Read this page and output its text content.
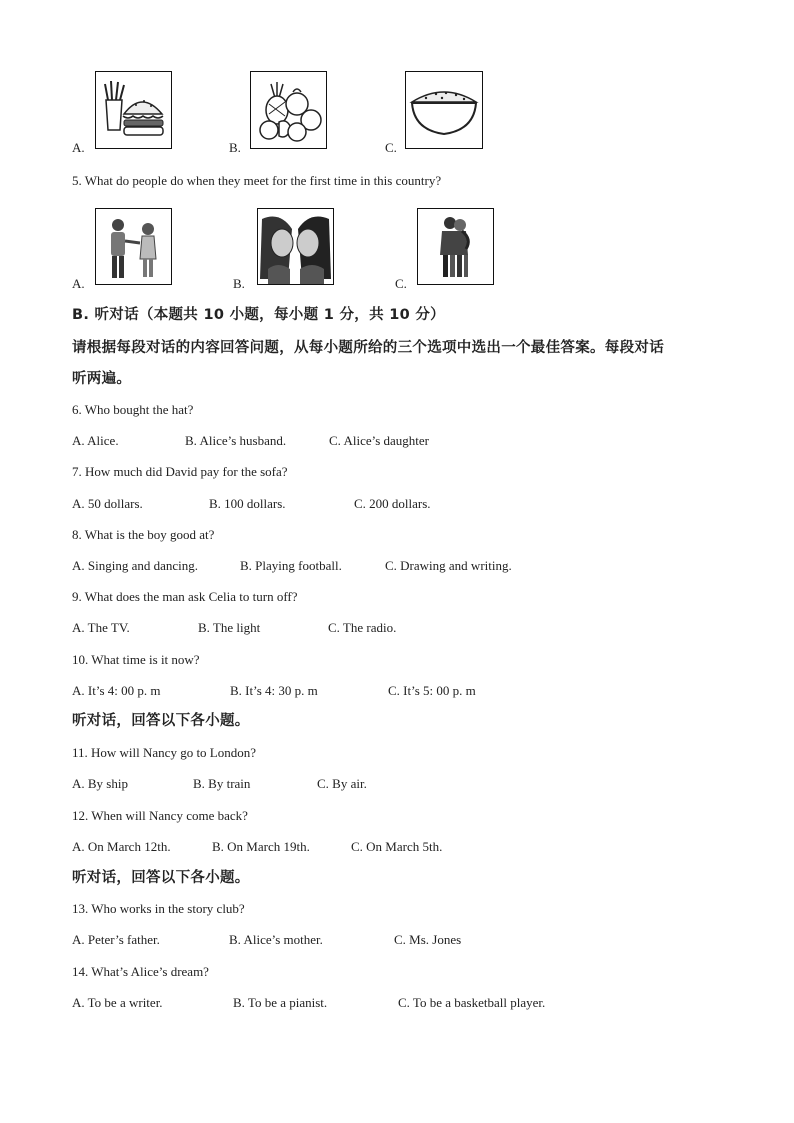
A.	B.	C.
5. What do people do when they meet for the first time in this country?
A.	B.	C.
B. 听对话（本题共 10 小题，每小题 1 分，共 10 分）
请根据每段对话的内容回答问题，从每小题所给的三个选项中选出一个最佳答案。每段对话
听两遍。
6. Who bought the hat?
A. Alice.	B. Alice’s husband.	C. Alice’s daughter
7. How much did David pay for the sofa?
A. 50 dollars.	B. 100 dollars.	C. 200 dollars.
8. What is the boy good at?
A. Singing and dancing.	B. Playing football.	C. Drawing and writing.
9. What does the man ask Celia to turn off?
A. The TV.	B. The light	C. The radio.
10. What time is it now?
A. It’s 4: 00 p. m	B. It’s 4: 30 p. m	C. It’s 5: 00 p. m
听对话，回答以下各小题。
11. How will Nancy go to London?
A. By ship	B. By train	C. By air.
12. When will Nancy come back?
A. On March 12th.	B. On March 19th.	C. On March 5th.
听对话，回答以下各小题。
13. Who works in the story club?
A. Peter’s father.	B. Alice’s mother.	C. Ms. Jones
14. What’s Alice’s dream?
A. To be a writer.	B. To be a pianist.	C. To be a basketball player.
